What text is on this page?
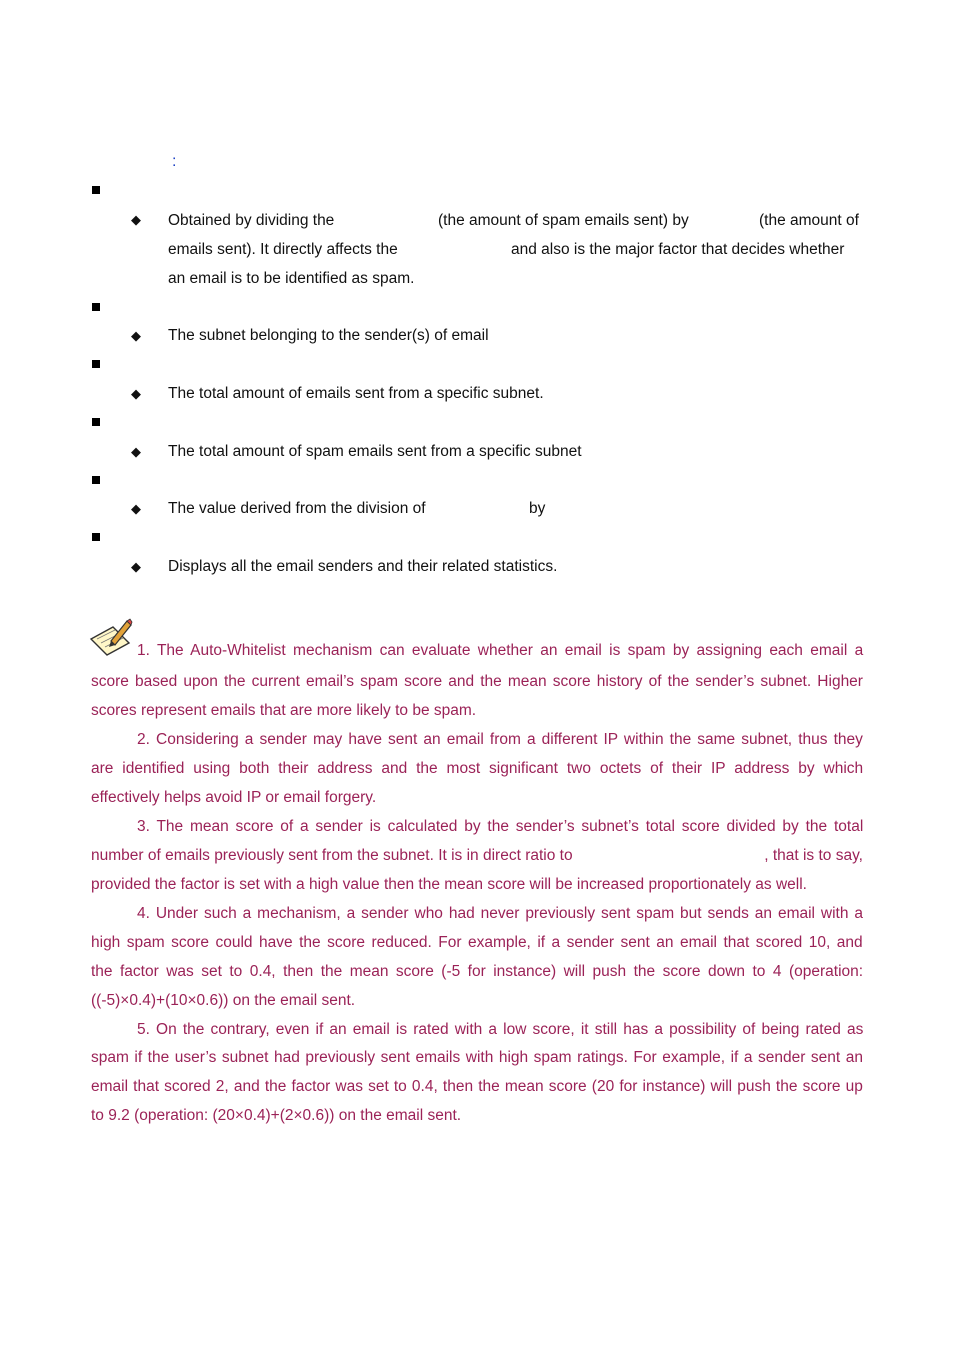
:
◆
Obtained by dividing the	(the amount of spam emails sent) by	(the amount of
emails sent). It directly affects the	and also is the major factor that decides whether
an email is to be identified as spam.
◆
The subnet belonging to the sender(s) of email
◆
The total amount of emails sent from a specific subnet.
◆
The total amount of spam emails sent from a specific subnet
◆
The value derived from the division of	by
◆
Displays all the email senders and their related statistics.
1. The Auto-Whitelist mechanism can evaluate whether an email is spam by assigning each email a
score based upon the current email’s spam score and the mean score history of the sender’s subnet. Higher
scores represent emails that are more likely to be spam.
2. Considering a sender may have sent an email from a different IP within the same subnet, thus they
are identified using both their address and the most significant two octets of their IP address by which
effectively helps avoid IP or email forgery.
3. The mean score of a sender is calculated by the sender’s subnet’s total score divided by the total
number of emails previously sent from the subnet. It is in direct ratio to	, that is to say,
provided the factor is set with a high value then the mean score will be increased proportionately as well.
4. Under such a mechanism, a sender who had never previously sent spam but sends an email with a
high spam score could have the score reduced. For example, if a sender sent an email that scored 10, and
the factor was set to 0.4, then the mean score (-5 for instance) will push the score down to 4 (operation:
((-5)×0.4)+(10×0.6)) on the email sent.
5. On the contrary, even if an email is rated with a low score, it still has a possibility of being rated as
spam if the user’s subnet had previously sent emails with high spam ratings. For example, if a sender sent an
email that scored 2, and the factor was set to 0.4, then the mean score (20 for instance) will push the score up
to 9.2 (operation: (20×0.4)+(2×0.6)) on the email sent.
